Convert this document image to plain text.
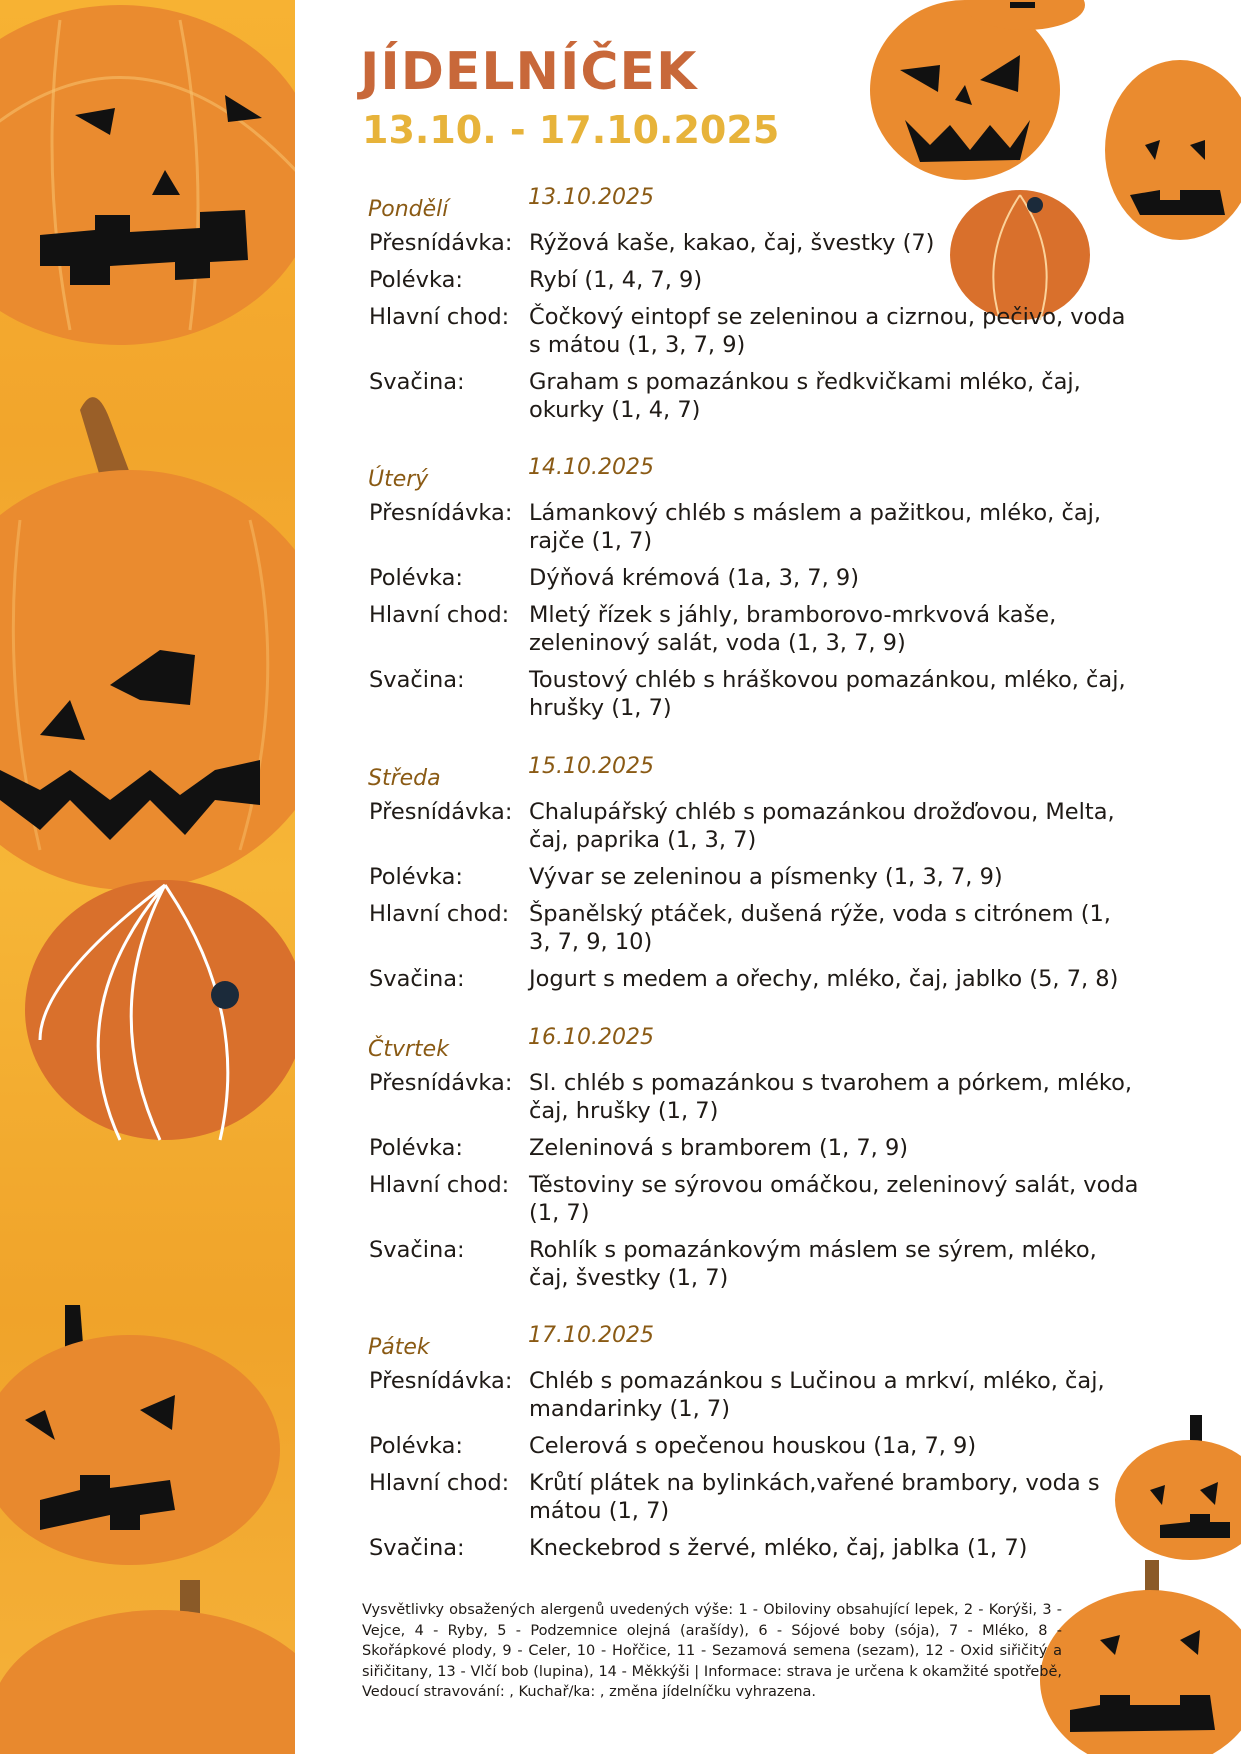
JÍDELNÍČEK
13.10. - 17.10.2025
Pondělí	13.10.2025
Přesnídávka: Rýžová kaše, kakao, čaj, švestky (7)
Polévka:	Rybí (1, 4, 7, 9)
Hlavní chod: Čočkový eintopf se zeleninou a cizrnou, pečivo, voda s mátou (1, 3, 7, 9)
Svačina:	Graham s pomazánkou s ředkvičkami mléko, čaj, okurky (1, 4, 7)
Úterý	14.10.2025
Přesnídávka: Lámankový chléb s máslem a pažitkou, mléko, čaj, rajče (1, 7)
Polévka:	Dýňová krémová (1a, 3, 7, 9)
Hlavní chod: Mletý řízek s jáhly, bramborovo-mrkvová kaše, zeleninový salát, voda (1, 3, 7, 9)
Svačina:	Toustový chléb s hráškovou pomazánkou, mléko, čaj, hrušky (1, 7)
Středa	15.10.2025
Přesnídávka: Chalupářský chléb s pomazánkou drožďovou, Melta, čaj, paprika (1, 3, 7)
Polévka:	Vývar se zeleninou a písmenky (1, 3, 7, 9)
Hlavní chod: Španělský ptáček, dušená rýže, voda s citrónem (1, 3, 7, 9, 10)
Svačina:	Jogurt s medem a ořechy, mléko, čaj, jablko (5, 7, 8)
Čtvrtek	16.10.2025
Přesnídávka: Sl. chléb s pomazánkou s tvarohem a pórkem, mléko, čaj, hrušky (1, 7)
Polévka:	Zeleninová s bramborem (1, 7, 9)
Hlavní chod: Těstoviny se sýrovou omáčkou, zeleninový salát, voda (1, 7)
Svačina:	Rohlík s pomazánkovým máslem se sýrem, mléko, čaj, švestky (1, 7)
Pátek	17.10.2025
Přesnídávka: Chléb s pomazánkou s Lučinou a mrkví, mléko, čaj, mandarinky (1, 7)
Polévka:	Celerová s opečenou houskou (1a, 7, 9)
Hlavní chod: Krůtí plátek na bylinkách,vařené brambory, voda s mátou (1, 7)
Svačina:	Kneckebrod s žervé, mléko, čaj, jablka (1, 7)
Vysvětlivky obsažených alergenů uvedených výše: 1 - Obiloviny obsahující lepek, 2 - Korýši, 3 - Vejce, 4 - Ryby, 5 - Podzemnice olejná (arašídy), 6 - Sójové boby (sója), 7 - Mléko, 8 - Skořápkové plody, 9 - Celer, 10 - Hořčice, 11 - Sezamová semena (sezam), 12 - Oxid siřičitý a siřičitany, 13 - Vlčí bob (lupina), 14 - Měkkýši | Informace: strava je určena k okamžité spotřebě, Vedoucí stravování: , Kuchař/ka: , změna jídelníčku vyhrazena.
